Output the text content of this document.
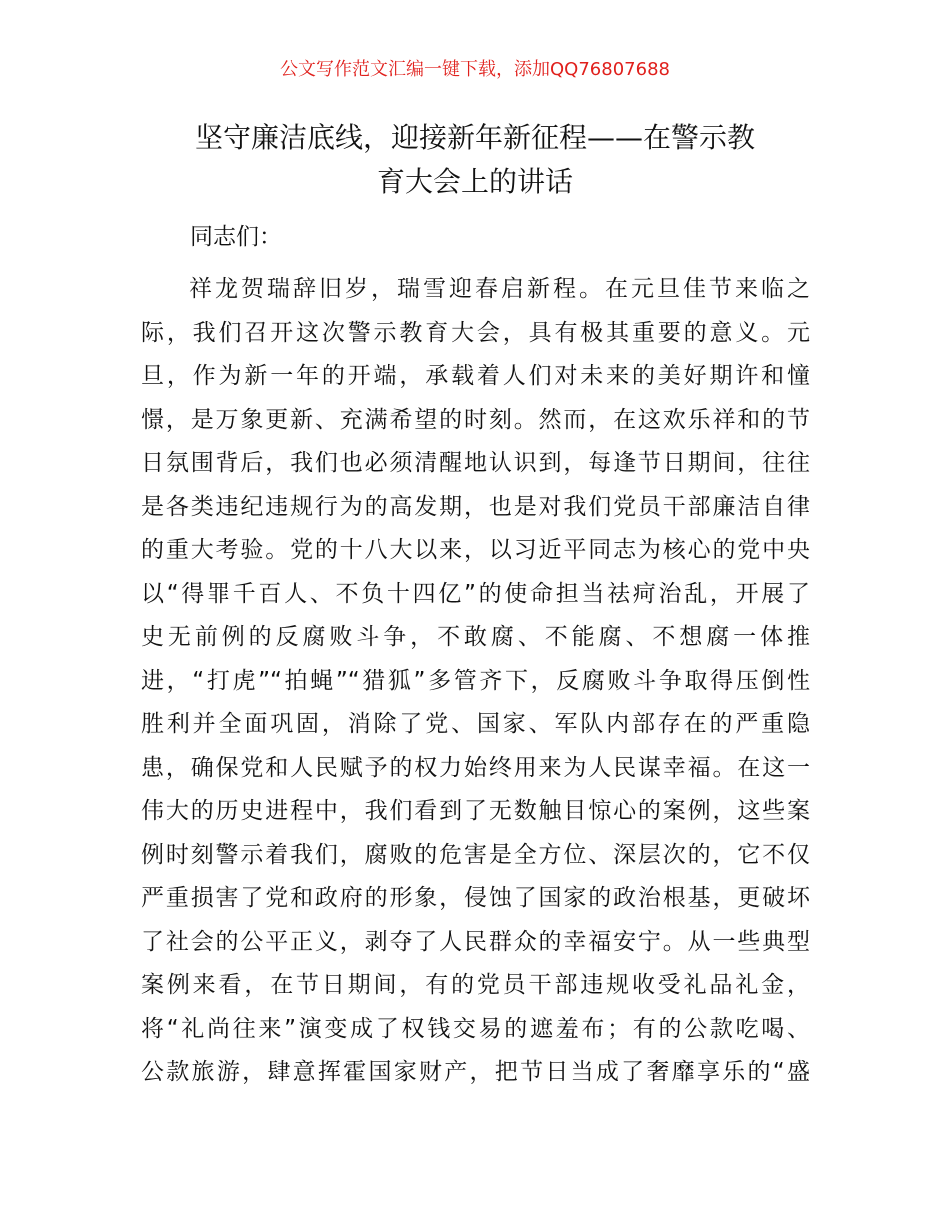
公文写作范文汇编一键下载，添加QQ76807688
坚守廉洁底线，迎接新年新征程——在警示教
育大会上的讲话
同志们：
祥龙贺瑞辞旧岁，瑞雪迎春启新程。在元旦佳节来临之
际，我们召开这次警示教育大会，具有极其重要的意义。元
旦，作为新一年的开端，承载着人们对未来的美好期许和憧
憬，是万象更新、充满希望的时刻。然而，在这欢乐祥和的节
日氛围背后，我们也必须清醒地认识到，每逢节日期间，往往
是各类违纪违规行为的高发期，也是对我们党员干部廉洁自律
的重大考验。党的十八大以来，以习近平同志为核心的党中央
以“得罪千百人、不负十四亿”的使命担当祛疴治乱，开展了
史无前例的反腐败斗争，不敢腐、不能腐、不想腐一体推
进，“打虎”“拍蝇”“猎狐”多管齐下，反腐败斗争取得压倒性
胜利并全面巩固，消除了党、国家、军队内部存在的严重隐
患，确保党和人民赋予的权力始终用来为人民谋幸福。在这一
伟大的历史进程中，我们看到了无数触目惊心的案例，这些案
例时刻警示着我们，腐败的危害是全方位、深层次的，它不仅
严重损害了党和政府的形象，侵蚀了国家的政治根基，更破坏
了社会的公平正义，剥夺了人民群众的幸福安宁。从一些典型
案例来看，在节日期间，有的党员干部违规收受礼品礼金，
将“礼尚往来”演变成了权钱交易的遮羞布；有的公款吃喝、
公款旅游，肆意挥霍国家财产，把节日当成了奢靡享乐的“盛
